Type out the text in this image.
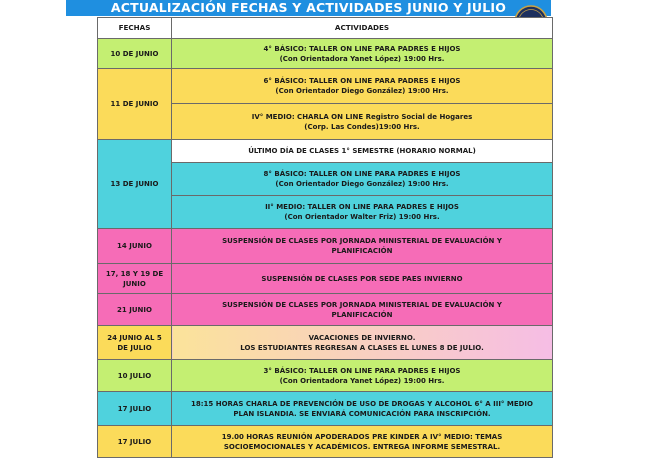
ACTUALIZACIÓN FECHAS Y ACTIVIDADES JUNIO Y JULIO
FECHAS	ACTIVIDADES
10 DE JUNIO	4° BÁSICO: TALLER ON LINE PARA PADRES E HIJOS
(Con Orientadora Yanet López) 19:00 Hrs.

11 DE JUNIO	6° BÁSICO: TALLER ON LINE PARA PADRES E HIJOS
(Con Orientador Diego González) 19:00 Hrs.

	IV° MEDIO: CHARLA ON LINE Registro Social de Hogares
(Corp. Las Condes)19:00 Hrs.

13 DE JUNIO	ÚLTIMO DÍA DE CLASES 1° SEMESTRE (HORARIO NORMAL)

	8° BÁSICO: TALLER ON LINE PARA PADRES E HIJOS
(Con Orientador Diego González) 19:00 Hrs.

	II° MEDIO: TALLER ON LINE PARA PADRES E HIJOS
(Con Orientador Walter Friz) 19:00 Hrs.

14 JUNIO	SUSPENSIÓN DE CLASES POR JORNADA MINISTERIAL DE EVALUACIÓN Y
PLANIFICACIÓN

17, 18 Y 19 DE JUNIO	SUSPENSIÓN DE CLASES POR SEDE PAES INVIERNO

21 JUNIO	SUSPENSIÓN DE CLASES POR JORNADA MINISTERIAL DE EVALUACIÓN Y
PLANIFICACIÓN

24 JUNIO AL 5 DE JULIO	VACACIONES DE INVIERNO.
LOS ESTUDIANTES REGRESAN A CLASES EL LUNES 8 DE JULIO.

10 JULIO	3° BÁSICO: TALLER ON LINE PARA PADRES E HIJOS
(Con Orientadora Yanet López) 19:00 Hrs.

17 JULIO	18:15 HORAS CHARLA DE PREVENCIÓN DE USO DE DROGAS Y ALCOHOL 6° A III° MEDIO
PLAN ISLANDIA. SE ENVIARÁ COMUNICACIÓN PARA INSCRIPCIÓN.

17 JULIO	19.00 HORAS REUNIÓN APODERADOS PRE KINDER A IV° MEDIO: TEMAS
SOCIOEMOCIONALES Y ACADÉMICOS. ENTREGA INFORME SEMESTRAL.
